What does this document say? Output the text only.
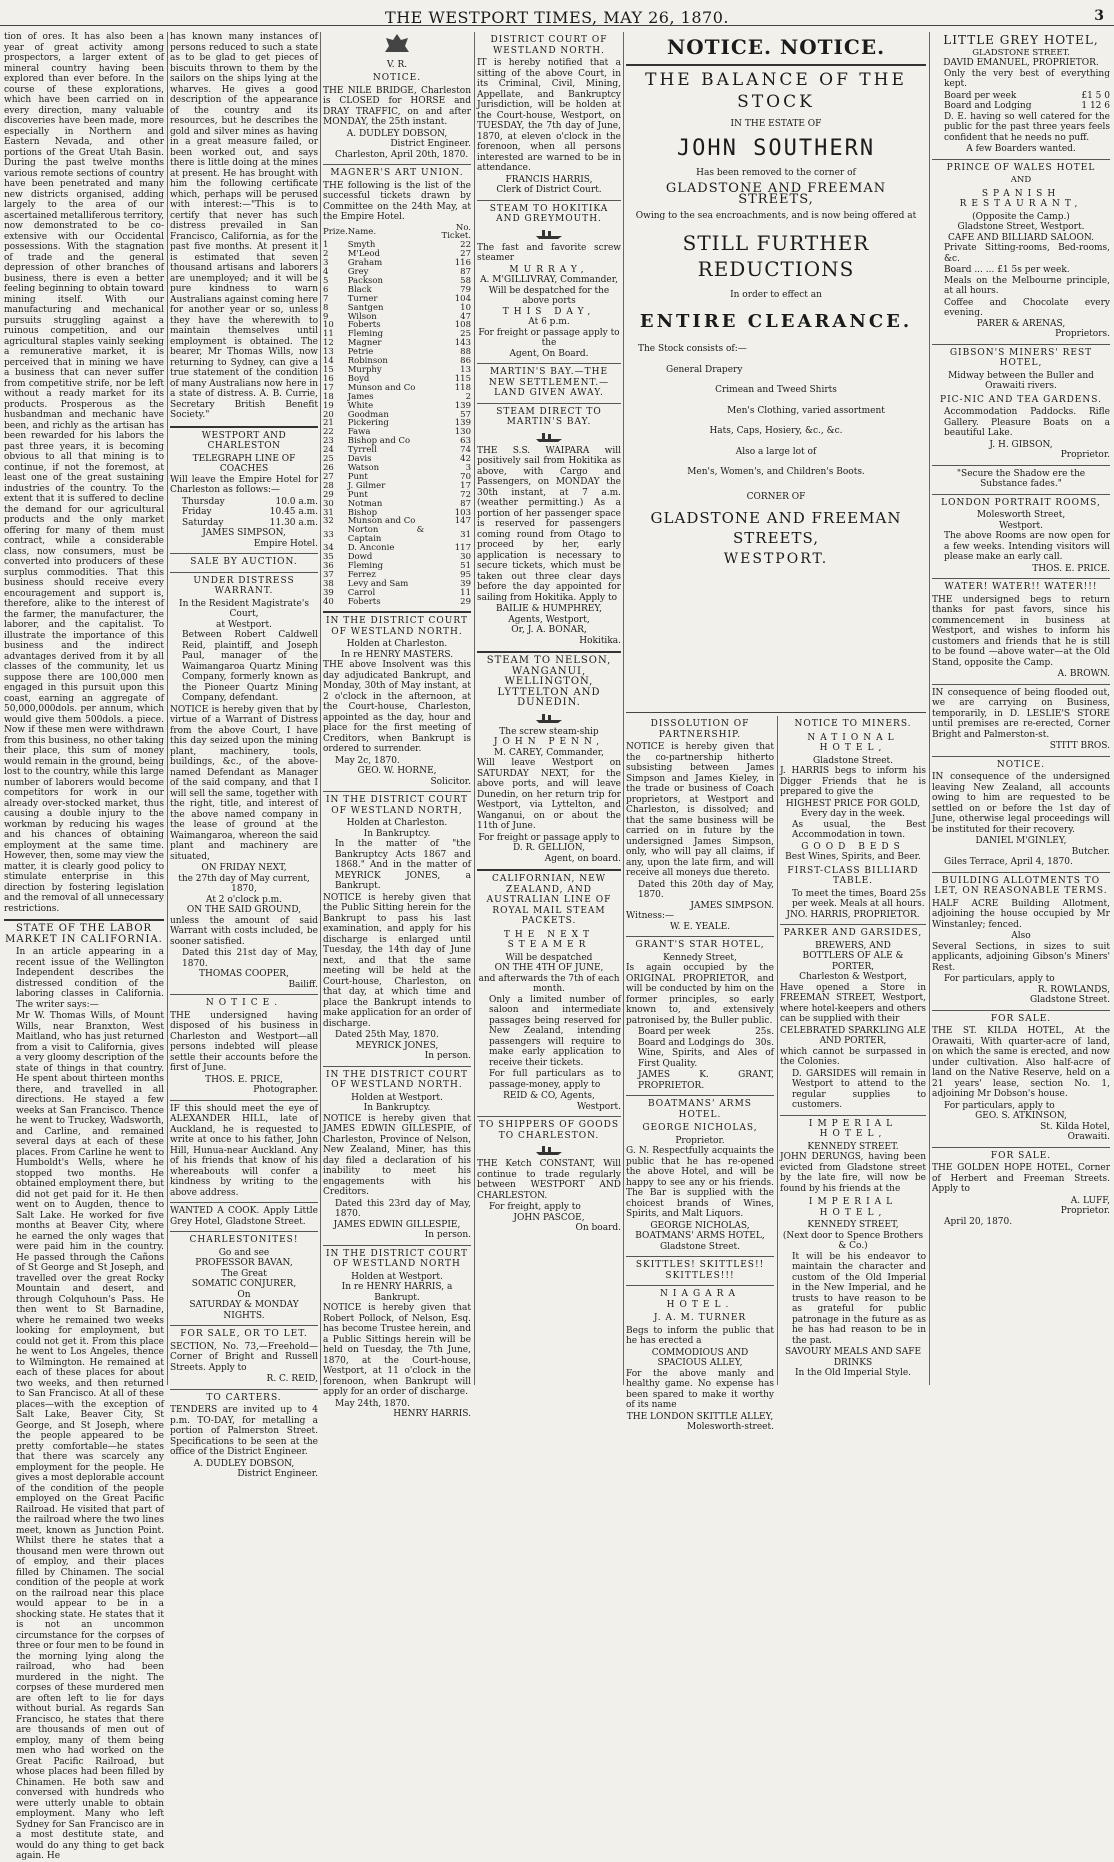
THE WESTPORT TIMES, MAY 26, 1870.	3

tion of ores. It has also been a year of great activity among prospectors, a larger extent of mineral country having been explored than ever before. In the course of these explorations, which have been carried on in every direction, many valuable discoveries have been made, more especially in Northern and Eastern Nevada, and other portions of the Great Utah Basin. During the past twelve months various remote sections of country have been penetrated and many new districts organised, adding largely to the area of our ascertained metalliferous territory, now demonstrated to be co-extensive with our Occidental possessions. With the stagnation of trade and the general depression of other branches of business, there is even a better feeling beginning to obtain toward mining itself. With our manufacturing and mechanical pursuits struggling against a ruinous competition, and our agricultural staples vainly seeking a remunerative market, it is perceived that in mining we have a business that can never suffer from competitive strife, nor be left without a ready market for its products. Prosperous as the husbandman and mechanic have been, and richly as the artisan has been rewarded for his labors the past three years, it is becoming obvious to all that mining is to continue, if not the foremost, at least one of the great sustaining industries of the country. To the extent that it is suffered to decline the demand for our agricultural products and the only market offering for many of them must contract, while a considerable class, now consumers, must be converted into producers of these surplus commodities. That this business should receive every encouragement and support is, therefore, alike to the interest of the farmer, the manufacturer, the laborer, and the capitalist. To illustrate the importance of this business and the indirect advantages derived from it by all classes of the community, let us suppose there are 100,000 men engaged in this pursuit upon this coast, earning an aggregate of 50,000,000dols. per annum, which would give them 500dols. a piece. Now if these men were withdrawn from this business, no other taking their place, this sum of money would remain in the ground, being lost to the country, while this large number of laborers would become competitors for work in our already over-stocked market, thus causing a double injury to the workman by reducing his wages and his chances of obtaining employment at the same time. However, then, some may view the matter, it is clearly good policy to stimulate enterprise in this direction by fostering legislation and the removal of all unnecessary restrictions.

STATE OF THE LABOR MARKET IN CALIFORNIA.

In an article appearing in a recent issue of the Wellington Independent describes the distressed condition of the laboring classes in California. The writer says:—

Mr W. Thomas Wills, of Mount Wills, near Branxton, West Maitland, who has just returned from a visit to California, gives a very gloomy description of the state of things in that country. He spent about thirteen months there, and travelled in all directions. He stayed a few weeks at San Francisco. Thence he went to Truckey, Wadsworth, and Carline, and remained several days at each of these places. From Carline he went to Humboldt's Wells, where he stopped two months. He obtained employment there, but did not get paid for it. He then went on to Augden, thence to Salt Lake. He worked for five months at Beaver City, where he earned the only wages that were paid him in the country. He passed through the Cañons of St George and St Joseph, and travelled over the great Rocky Mountain and desert, and through Colquhoun's Pass. He then went to St Barnadine, where he remained two weeks looking for employment, but could not get it. From this place he went to Los Angeles, thence to Wilmington. He remained at each of these places for about two weeks, and then returned to San Francisco. At all of these places—with the exception of Salt Lake, Beaver City, St George, and St Joseph, where the people appeared to be pretty comfortable—he states that there was scarcely any employment for the people. He gives a most deplorable account of the condition of the people employed on the Great Pacific Railroad. He visited that part of the railroad where the two lines meet, known as Junction Point. Whilst there he states that a thousand men were thrown out of employ, and their places filled by Chinamen. The social condition of the people at work on the railroad near this place would appear to be in a shocking state. He states that it is not an uncommon circumstance for the corpses of three or four men to be found in the morning lying along the railroad, who had been murdered in the night. The corpses of these murdered men are often left to lie for days without burial. As regards San Francisco, he states that there are thousands of men out of employ, many of them being men who had worked on the Great Pacific Railroad, but whose places had been filled by Chinamen. He both saw and conversed with hundreds who were utterly unable to obtain employment. Many who left Sydney for San Francisco are in a most destitute state, and would do any thing to get back again. He

has known many instances of persons reduced to such a state as to be glad to get pieces of biscuits thrown to them by the sailors on the ships lying at the wharves. He gives a good description of the appearance of the country and its resources, but he describes the gold and silver mines as having in a great measure failed, or been worked out, and says there is little doing at the mines at present. He has brought with him the following certificate which, perhaps will be perused with interest:—"This is to certify that never has such distress prevailed in San Francisco, California, as for the past five months. At present it is estimated that seven thousand artisans and laborers are unemployed; and it will be pure kindness to warn Australians against coming here for another year or so, unless they have the wherewith to maintain themselves until employment is obtained. The bearer, Mr Thomas Wills, now returning to Sydney, can give a true statement of the condition of many Australians now here in a state of distress. A. B. Currie, Secretary British Benefit Society."

WESTPORT AND CHARLESTON
TELEGRAPH LINE OF COACHES

Will leave the Empire Hotel for Charleston as follows:—

Thursday	10.0 a.m.
Friday	10.45 a.m.
Saturday	11.30 a.m.
JAMES SIMPSON,
Empire Hotel.
SALE BY AUCTION.
UNDER DISTRESS WARRANT.
In the Resident Magistrate's Court,
at Westport.

Between Robert Caldwell Reid, plaintiff, and Joseph Paul, manager of the Waimangaroa Quartz Mining Company, formerly known as the Pioneer Quartz Mining Company, defendant.

NOTICE is hereby given that by virtue of a Warrant of Distress from the above Court, I have this day seized upon the mining plant, machinery, tools, buildings, &c., of the above-named Defendant as Manager of the said company, and that I will sell the same, together with the right, title, and interest of the above named company in the lease of ground at the Waimangaroa, whereon the said plant and machinery are situated,

ON FRIDAY NEXT,
the 27th day of May current, 1870,
At 2 o'clock p.m.
ON THE SAID GROUND,

unless the amount of said Warrant with costs included, be sooner satisfied.

Dated this 21st day of May, 1870.
THOMAS COOPER,
Bailiff.
NOTICE.

THE undersigned having disposed of his business in Charleston and Westport—all persons indebted will please settle their accounts before the first of June.

THOS. E. PRICE,
Photographer.

IF this should meet the eye of ALEXANDER HILL, late of Auckland, he is requested to write at once to his father, John Hill, Hunua-near Auckland. Any of his friends that know of his whereabouts will confer a kindness by writing to the above address.

WANTED A COOK. Apply Little Grey Hotel, Gladstone Street.

CHARLESTONITES!
Go and see
PROFESSOR BAVAN,
The Great
SOMATIC CONJURER,
On
SATURDAY & MONDAY NIGHTS.
FOR SALE, OR TO LET.

SECTION, No. 73,—Freehold—Corner of Bright and Russell Streets. Apply to

R. C. REID,
TO CARTERS.

TENDERS are invited up to 4 p.m. TO-DAY, for metalling a portion of Palmerston Street. Specifications to be seen at the office of the District Engineer.

A. DUDLEY DOBSON,
District Engineer.
V. R.
NOTICE.

THE NILE BRIDGE, Charleston is CLOSED for HORSE and DRAY TRAFFIC, on and after MONDAY, the 25th instant.

A. DUDLEY DOBSON,
District Engineer.
Charleston, April 20th, 1870.
MAGNER'S ART UNION.

THE following is the list of the successful tickets drawn by Committee on the 24th May, at the Empire Hotel.

Prize.	Name.	No. Ticket.
1	Smyth	22
2	M'Leod	27
3	Graham	116
4	Grey	87
5	Packson	58
6	Black	79
7	Turner	104
8	Santgen	10
9	Wilson	47
10	Foberts	108
11	Fleming	25
12	Magner	143
13	Petrie	88
14	Robinson	86
15	Murphy	13
16	Boyd	115
17	Munson and Co	118
18	James	2
19	White	139
20	Goodman	57
21	Pickering	139
22	Fawa	130
23	Bishop and Co	63
24	Tyrrell	74
25	Davis	42
26	Watson	3
27	Punt	70
28	J. Gilmer	17
29	Punt	72
30	Notman	87
31	Bishop	103
32	Munson and Co	147
33	Norton & Captain	31
34	D. Anconie	117
35	Dowd	30
36	Fleming	51
37	Ferrez	95
38	Levy and Sam	39
39	Carrol	11
40	Foberts	29
IN THE DISTRICT COURT OF WESTLAND NORTH.
Holden at Charleston.
In re HENRY MASTERS.

THE above Insolvent was this day adjudicated Bankrupt, and Monday, 30th of May instant, at 2 o'clock in the afternoon, at the Court-house, Charleston, appointed as the day, hour and place for the first meeting of Creditors, when Bankrupt is ordered to surrender.

May 2c, 1870.
GEO. W. HORNE,
Solicitor.
IN THE DISTRICT COURT OF WESTLAND NORTH,
Holden at Charleston.
In Bankruptcy.

In the matter of "the Bankruptcy Acts 1867 and 1868." And in the matter of MEYRICK JONES, a Bankrupt.

NOTICE is hereby given that the Public Sitting herein for the Bankrupt to pass his last examination, and apply for his discharge is enlarged until Tuesday, the 14th day of June next, and that the same meeting will be held at the Court-house, Charleston, on that day, at which time and place the Bankrupt intends to make application for an order of discharge.

Dated 25th May, 1870.
MEYRICK JONES,
In person.
IN THE DISTRICT COURT OF WESTLAND NORTH.
Holden at Westport.
In Bankruptcy.

NOTICE is hereby given that JAMES EDWIN GILLESPIE, of Charleston, Province of Nelson, New Zealand, Miner, has this day filed a declaration of his inability to meet his engagements with his Creditors.

Dated this 23rd day of May, 1870.
JAMES EDWIN GILLESPIE,
In person.
IN THE DISTRICT COURT OF WESTLAND NORTH
Holden at Westport.
In re HENRY HARRIS, a Bankrupt.

NOTICE is hereby given that Robert Pollock, of Nelson, Esq. has become Trustee herein, and a Public Sittings herein will be held on Tuesday, the 7th June, 1870, at the Court-house, Westport, at 11 o'clock in the forenoon, when Bankrupt will apply for an order of discharge.

May 24th, 1870.
HENRY HARRIS.
DISTRICT COURT OF WESTLAND NORTH.

IT is hereby notified that a sitting of the above Court, in its Criminal, Civil, Mining, Appellate, and Bankruptcy Jurisdiction, will be holden at the Court-house, Westport, on TUESDAY, the 7th day of June, 1870, at eleven o'clock in the forenoon, when all persons interested are warned to be in attendance.

FRANCIS HARRIS,
Clerk of District Court.
STEAM TO HOKITIKA AND GREYMOUTH.

The fast and favorite screw steamer

MURRAY,
A. M'GILLIVRAY, Commander,
Will be despatched for the above ports
THIS DAY,
At 6 p.m.
For freight or passage apply to the
Agent, On Board.
MARTIN'S BAY.—THE NEW SETTLEMENT.—LAND GIVEN AWAY.
STEAM DIRECT TO MARTIN'S BAY.

THE S.S. WAIPARA will positively sail from Hokitika as above, with Cargo and Passengers, on MONDAY the 30th instant, at 7 a.m. (weather permitting.) As a portion of her passenger space is reserved for passengers coming round from Otago to proceed by her, early application is necessary to secure tickets, which must be taken out three clear days before the day appointed for sailing from Hokitika. Apply to

BAILIE & HUMPHREY,
Agents, Westport,
Or, J. A. BONAR,
Hokitika.
STEAM TO NELSON, WANGANUI, WELLINGTON, LYTTELTON AND DUNEDIN.
The screw steam-ship
JOHN PENN,
M. CAREY, Commander,

Will leave Westport on SATURDAY NEXT, for the above ports, and will leave Dunedin, on her return trip for Westport, via Lyttelton, and Wanganui, on or about the 11th of June.

For freight or passage apply to
D. R. GELLION,
Agent, on board.
CALIFORNIAN, NEW ZEALAND, AND AUSTRALIAN LINE OF ROYAL MAIL STEAM PACKETS.
THE NEXT STEAMER
Will be despatched
ON THE 4TH OF JUNE,
and afterwards the 7th of each month.

Only a limited number of saloon and intermediate passages being reserved for New Zealand, intending passengers will require to make early application to receive their tickets.

For full particulars as to passage-money, apply to

REID & CO, Agents,
Westport.
TO SHIPPERS OF GOODS TO CHARLESTON.

THE Ketch CONSTANT, Will continue to trade regularly between WESTPORT AND CHARLESTON.

For freight, apply to
JOHN PASCOE,
On board.
NOTICE. NOTICE.
THE BALANCE OF THE STOCK
IN THE ESTATE OF
JOHN SOUTHERN
Has been removed to the corner of
GLADSTONE AND FREEMAN STREETS,
Owing to the sea encroachments, and is now being offered at
STILL FURTHER REDUCTIONS
In order to effect an
ENTIRE CLEARANCE.
The Stock consists of:—
General Drapery
Crimean and Tweed Shirts
Men's Clothing, varied assortment
Hats, Caps, Hosiery, &c., &c.
Also a large lot of
Men's, Women's, and Children's Boots.
CORNER OF
GLADSTONE AND FREEMAN STREETS,
WESTPORT.
DISSOLUTION OF PARTNERSHIP.

NOTICE is hereby given that the co-partnership hitherto subsisting between James Simpson and James Kieley, in the trade or business of Coach proprietors, at Westport and Charleston, is dissolved; and that the same business will be carried on in future by the undersigned James Simpson, only, who will pay all claims, if any, upon the late firm, and will receive all moneys due thereto.

Dated this 20th day of May, 1870.
JAMES SIMPSON.
Witness:—
W. E. YEALE.
GRANT'S STAR HOTEL,
Kennedy Street,

Is again occupied by the ORIGINAL PROPRIETOR, and will be conducted by him on the former principles, so early known to, and extensively patronised by, the Buller public.

Board per week	25s.
Board and Lodgings do 30s.

Wine, Spirits, and Ales of First Quality.

JAMES K. GRANT, PROPRIETOR.
BOATMANS' ARMS HOTEL.
GEORGE NICHOLAS,
Proprietor.

G. N. Respectfully acquaints the public that he has re-opened the above Hotel, and will be happy to see any or his friends. The Bar is supplied with the choicest brands of Wines, Spirits, and Malt Liquors.

GEORGE NICHOLAS,
BOATMANS' ARMS HOTEL,
Gladstone Street.
SKITTLES! SKITTLES!! SKITTLES!!!
NIAGARA HOTEL.
J. A. M. TURNER

Begs to inform the public that he has erected a

COMMODIOUS AND SPACIOUS ALLEY,

For the above manly and healthy game. No expense has been spared to make it worthy of its name

THE LONDON SKITTLE ALLEY,
Molesworth-street.
NOTICE TO MINERS.
NATIONAL HOTEL,
Gladstone Street.

J. HARRIS begs to inform his Digger Friends that he is prepared to give the

HIGHEST PRICE FOR GOLD,
Every day in the week.

As usual, the Best Accommodation in town.

GOOD BEDS
Best Wines, Spirits, and Beer.
FIRST-CLASS BILLIARD TABLE.
To meet the times, Board 25s per week. Meals at all hours.
JNO. HARRIS, PROPRIETOR.
PARKER AND GARSIDES,
BREWERS, AND
BOTTLERS OF ALE & PORTER,
Charleston & Westport,

Have opened a Store in FREEMAN STREET, Westport, where hotel-keepers and others can be supplied with their

CELEBRATED SPARKLING ALE AND PORTER,

which cannot be surpassed in the Colonies.

D. GARSIDES will remain in Westport to attend to the regular supplies to customers.

IMPERIAL HOTEL,
KENNEDY STREET.

JOHN DERUNGS, having been evicted from Gladstone street by the late fire, will now be found by his friends at the

IMPERIAL HOTEL,
KENNEDY STREET,
(Next door to Spence Brothers & Co.)

It will be his endeavor to maintain the character and custom of the Old Imperial in the New Imperial, and he trusts to have reason to be as grateful for public patronage in the future as as he has had reason to be in the past.

SAVOURY MEALS AND SAFE DRINKS
In the Old Imperial Style.
LITTLE GREY HOTEL,
GLADSTONE STREET.
DAVID EMANUEL, PROPRIETOR.

Only the very best of everything kept.

Board per week	£1 5 0
Board and Lodging	1 12 6

D. E. having so well catered for the public for the past three years feels confident that he needs no puff.

A few Boarders wanted.
PRINCE OF WALES HOTEL
AND
SPANISH RESTAURANT,
(Opposite the Camp.)
Gladstone Street, Westport.
CAFE AND BILLIARD SALOON.

Private Sitting-rooms, Bed-rooms, &c.

Board ... ... £1 5s per week.

Meals on the Melbourne principle, at all hours.

Coffee and Chocolate every evening.
PARER & ARENAS,
Proprietors.
GIBSON'S MINERS' REST HOTEL,
Midway between the Buller and Orawaiti rivers.
PIC-NIC AND TEA GARDENS.

Accommodation Paddocks. Rifle Gallery. Pleasure Boats on a beautiful Lake.

J. H. GIBSON,
Proprietor.
"Secure the Shadow ere the Substance fades."
LONDON PORTRAIT ROOMS,
Molesworth Street,
Westport.

The above Rooms are now open for a few weeks. Intending visitors will please make an early call.

THOS. E. PRICE.
WATER! WATER!! WATER!!!

THE undersigned begs to return thanks for past favors, since his commencement in business at Westport, and wishes to inform his customers and friends that he is still to be found —above water—at the Old Stand, opposite the Camp.

A. BROWN.

IN consequence of being flooded out, we are carrying on Business, temporarily, in D. LESLIE'S STORE until premises are re-erected, Corner Bright and Palmerston-st.

STITT BROS.
NOTICE.

IN consequence of the undersigned leaving New Zealand, all accounts owing to him are requested to be settled on or before the 1st day of June, otherwise legal proceedings will be instituted for their recovery.

DANIEL M'GINLEY,
Butcher.
Giles Terrace, April 4, 1870.
BUILDING ALLOTMENTS TO LET, ON REASONABLE TERMS.

HALF ACRE Building Allotment, adjoining the house occupied by Mr Winstanley; fenced.

Also

Several Sections, in sizes to suit applicants, adjoining Gibson's Miners' Rest.

For particulars, apply to
R. ROWLANDS,
Gladstone Street.
FOR SALE.

THE ST. KILDA HOTEL, At the Orawaiti, With quarter-acre of land, on which the same is erected, and now under cultivation. Also half-acre of land on the Native Reserve, held on a 21 years' lease, section No. 1, adjoining Mr Dobson's house.

For particulars, apply to
GEO. S. ATKINSON,
St. Kilda Hotel,
Orawaiti.
FOR SALE.

THE GOLDEN HOPE HOTEL, Corner of Herbert and Freeman Streets. Apply to

A. LUFF,
Proprietor.
April 20, 1870.
